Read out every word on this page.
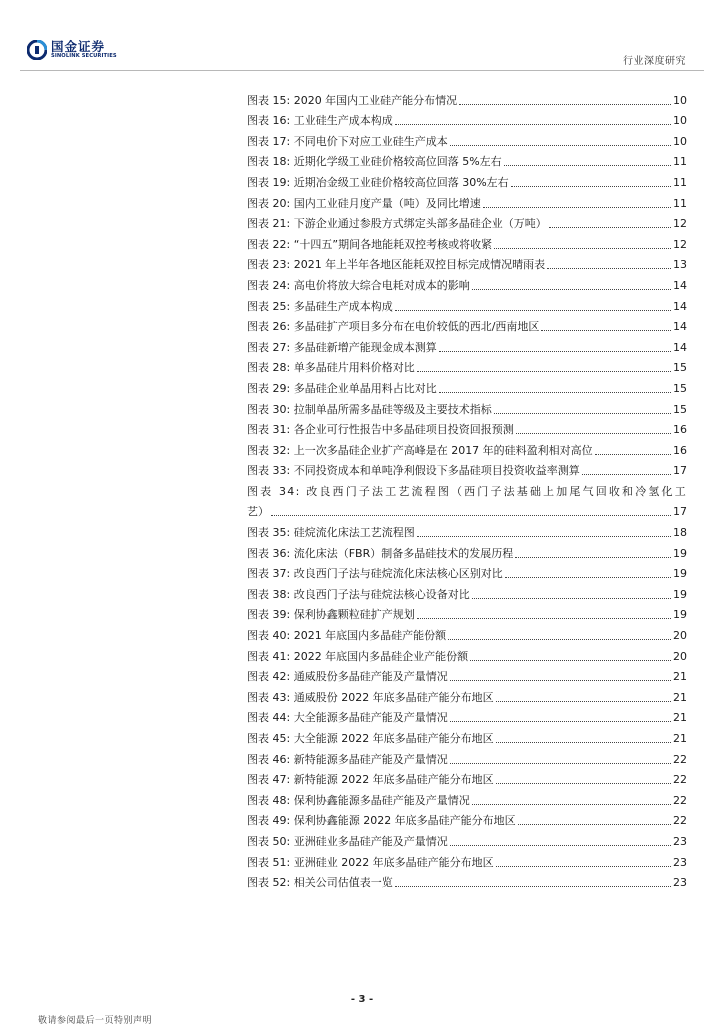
国金证券
SINOLINK SECURITIES	行业深度研究
图表 15: 2020 年国内工业硅产能分布情况	10
图表 16: 工业硅生产成本构成	10
图表 17: 不同电价下对应工业硅生产成本	10
图表 18: 近期化学级工业硅价格较高位回落 5%左右	11
图表 19: 近期冶金级工业硅价格较高位回落 30%左右	11
图表 20: 国内工业硅月度产量（吨）及同比增速	11
图表 21: 下游企业通过参股方式绑定头部多晶硅企业（万吨）	12
图表 22: “十四五”期间各地能耗双控考核或将收紧	12
图表 23: 2021 年上半年各地区能耗双控目标完成情况晴雨表	13
图表 24: 高电价将放大综合电耗对成本的影响	14
图表 25: 多晶硅生产成本构成	14
图表 26: 多晶硅扩产项目多分布在电价较低的西北/西南地区	14
图表 27: 多晶硅新增产能现金成本测算	14
图表 28: 单多晶硅片用料价格对比	15
图表 29: 多晶硅企业单晶用料占比对比	15
图表 30: 拉制单晶所需多晶硅等级及主要技术指标	15
图表 31: 各企业可行性报告中多晶硅项目投资回报预测	16
图表 32: 上一次多晶硅企业扩产高峰是在 2017 年的硅料盈利相对高位	16
图表 33: 不同投资成本和单吨净利假设下多晶硅项目投资收益率测算	17
图表 34: 改良西门子法工艺流程图（西门子法基础上加尾气回收和冷氢化工
艺）	17
图表 35: 硅烷流化床法工艺流程图	18
图表 36: 流化床法（FBR）制备多晶硅技术的发展历程	19
图表 37: 改良西门子法与硅烷流化床法核心区别对比	19
图表 38: 改良西门子法与硅烷法核心设备对比	19
图表 39: 保利协鑫颗粒硅扩产规划	19
图表 40: 2021 年底国内多晶硅产能份额	20
图表 41: 2022 年底国内多晶硅企业产能份额	20
图表 42: 通威股份多晶硅产能及产量情况	21
图表 43: 通威股份 2022 年底多晶硅产能分布地区	21
图表 44: 大全能源多晶硅产能及产量情况	21
图表 45: 大全能源 2022 年底多晶硅产能分布地区	21
图表 46: 新特能源多晶硅产能及产量情况	22
图表 47: 新特能源 2022 年底多晶硅产能分布地区	22
图表 48: 保利协鑫能源多晶硅产能及产量情况	22
图表 49: 保利协鑫能源 2022 年底多晶硅产能分布地区	22
图表 50: 亚洲硅业多晶硅产能及产量情况	23
图表 51: 亚洲硅业 2022 年底多晶硅产能分布地区	23
图表 52: 相关公司估值表一览	23
- 3 -
敬请参阅最后一页特别声明
